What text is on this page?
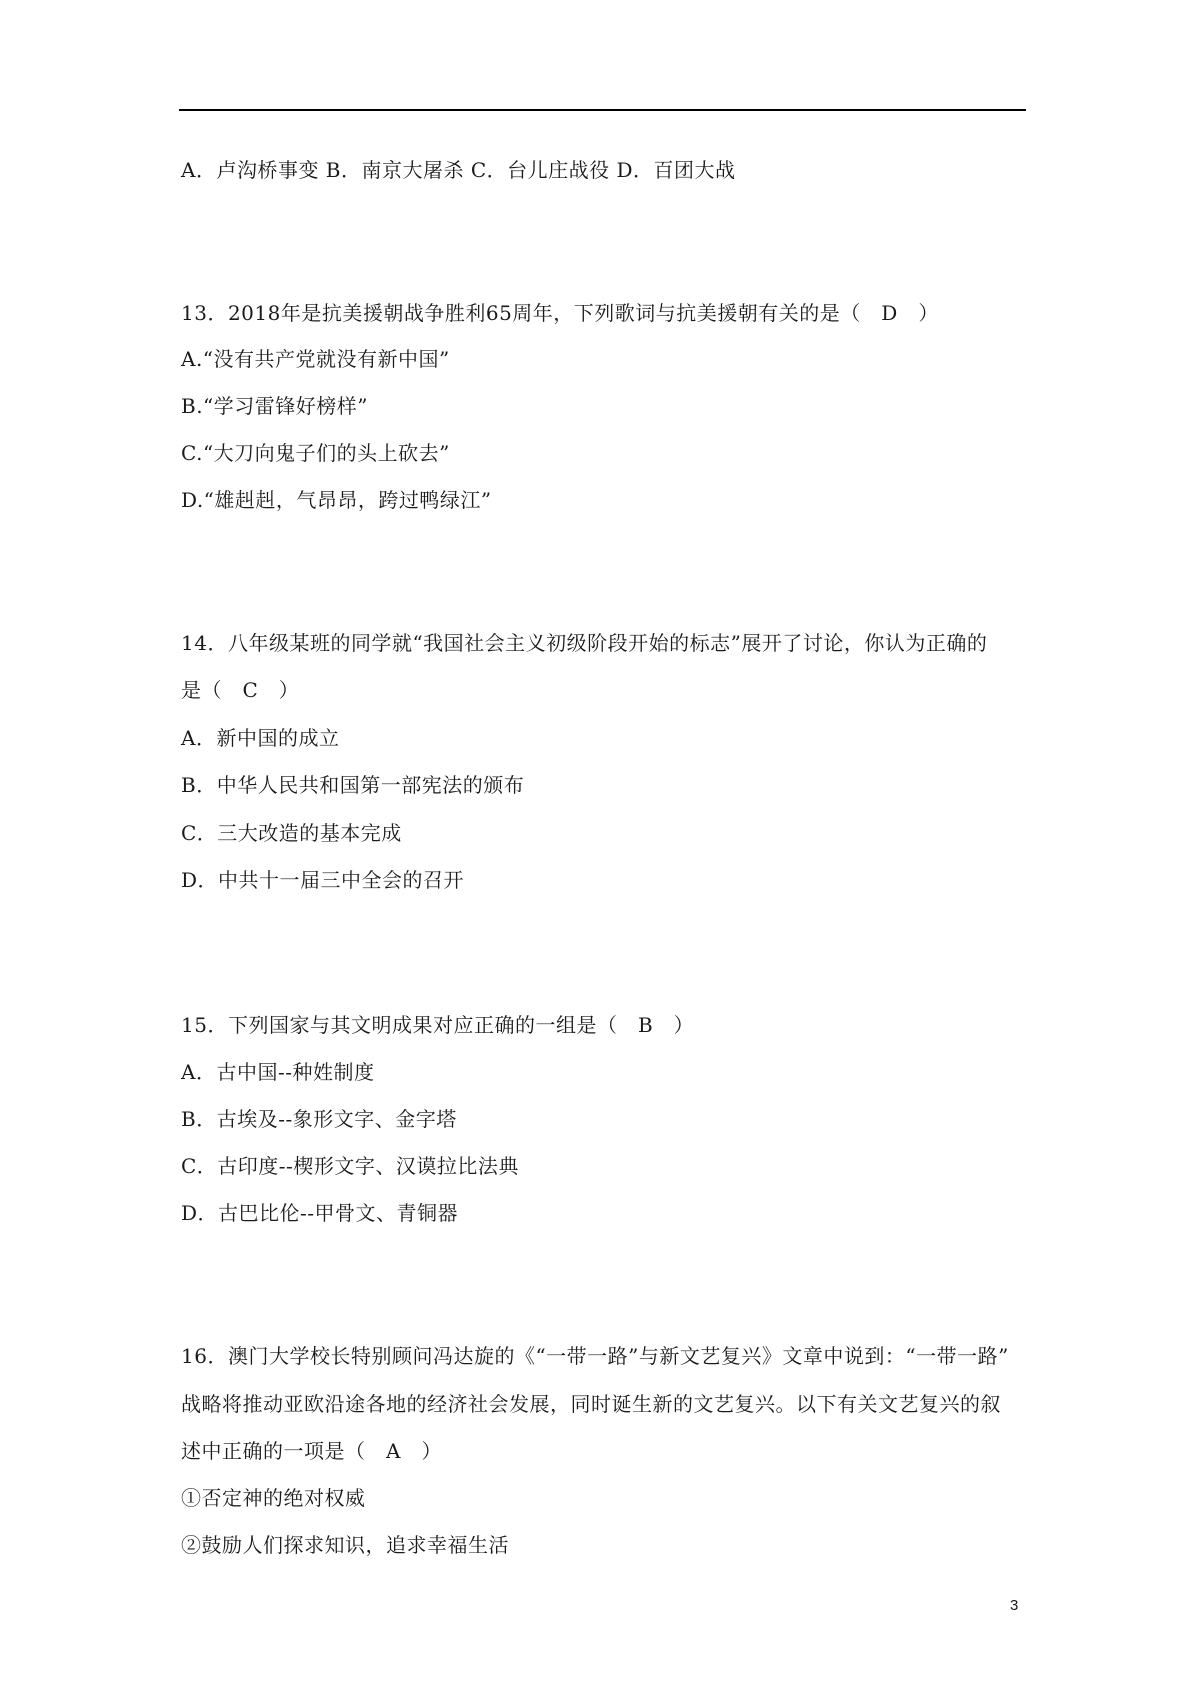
A．卢沟桥事变 B．南京大屠杀 C．台儿庄战役 D．百团大战
13．2018年是抗美援朝战争胜利65周年，下列歌词与抗美援朝有关的是（　D　）
A.“没有共产党就没有新中国”
B.“学习雷锋好榜样”
C.“大刀向鬼子们的头上砍去”
D.“雄赳赳，气昂昂，跨过鸭绿江”
14．八年级某班的同学就“我国社会主义初级阶段开始的标志”展开了讨论，你认为正确的
是（　C　）
A．新中国的成立
B．中华人民共和国第一部宪法的颁布
C．三大改造的基本完成
D．中共十一届三中全会的召开
15．下列国家与其文明成果对应正确的一组是（　B　）
A．古中国--种姓制度
B．古埃及--象形文字、金字塔
C．古印度--楔形文字、汉谟拉比法典
D．古巴比伦--甲骨文、青铜器
16．澳门大学校长特别顾问冯达旋的《“一带一路”与新文艺复兴》文章中说到：“一带一路”
战略将推动亚欧沿途各地的经济社会发展，同时诞生新的文艺复兴。以下有关文艺复兴的叙
述中正确的一项是（　A　）
①否定神的绝对权威
②鼓励人们探求知识，追求幸福生活
3
